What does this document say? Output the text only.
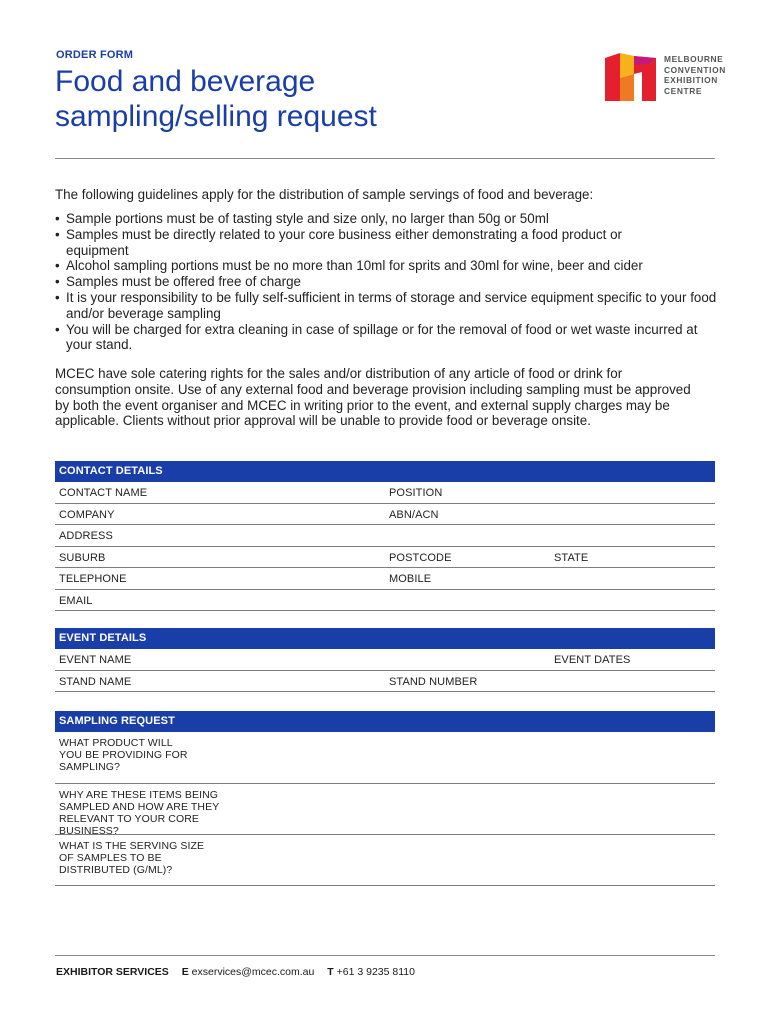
ORDER FORM
Food and beverage sampling/selling request
MELBOURNE
CONVENTION
EXHIBITION
CENTRE

The following guidelines apply for the distribution of sample servings of food and beverage:

• Sample portions must be of tasting style and size only, no larger than 50g or 50ml
• Samples must be directly related to your core business either demonstrating a food product or equipment
• Alcohol sampling portions must be no more than 10ml for sprits and 30ml for wine, beer and cider
• Samples must be offered free of charge
• It is your responsibility to be fully self-sufficient in terms of storage and service equipment specific to your food and/or beverage sampling
• You will be charged for extra cleaning in case of spillage or for the removal of food or wet waste incurred at your stand.

MCEC have sole catering rights for the sales and/or distribution of any article of food or drink for consumption onsite. Use of any external food and beverage provision including sampling must be approved by both the event organiser and MCEC in writing prior to the event, and external supply charges may be applicable. Clients without prior approval will be unable to provide food or beverage onsite.

CONTACT DETAILS
CONTACT NAME	POSITION
COMPANY	ABN/ACN
ADDRESS
SUBURB	POSTCODE	STATE
TELEPHONE	MOBILE
EMAIL
EVENT DETAILS
EVENT NAME	EVENT DATES
STAND NAME	STAND NUMBER
SAMPLING REQUEST
WHAT PRODUCT WILL YOU BE PROVIDING FOR SAMPLING?
WHY ARE THESE ITEMS BEING SAMPLED AND HOW ARE THEY RELEVANT TO YOUR CORE BUSINESS?
WHAT IS THE SERVING SIZE OF SAMPLES TO BE DISTRIBUTED (G/ML)?
EXHIBITOR SERVICES E exservices@mcec.com.au T +61 3 9235 8110
